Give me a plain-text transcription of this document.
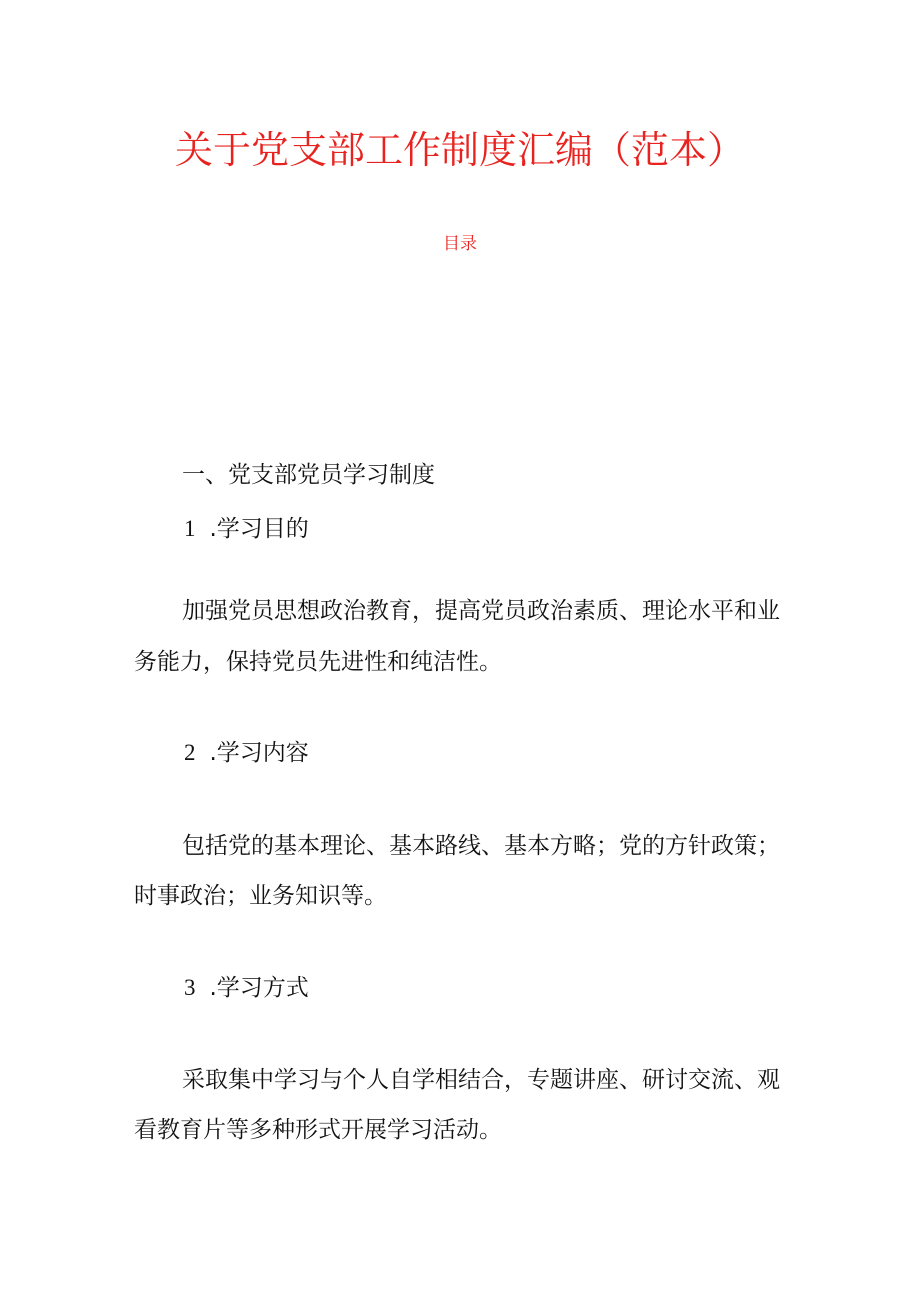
关于党支部工作制度汇编（范本）
目录
一、党支部党员学习制度
1 .学习目的
加强党员思想政治教育，提高党员政治素质、理论水平和业
务能力，保持党员先进性和纯洁性。
2 .学习内容
包括党的基本理论、基本路线、基本方略；党的方针政策；
时事政治；业务知识等。
3 .学习方式
采取集中学习与个人自学相结合，专题讲座、研讨交流、观
看教育片等多种形式开展学习活动。
